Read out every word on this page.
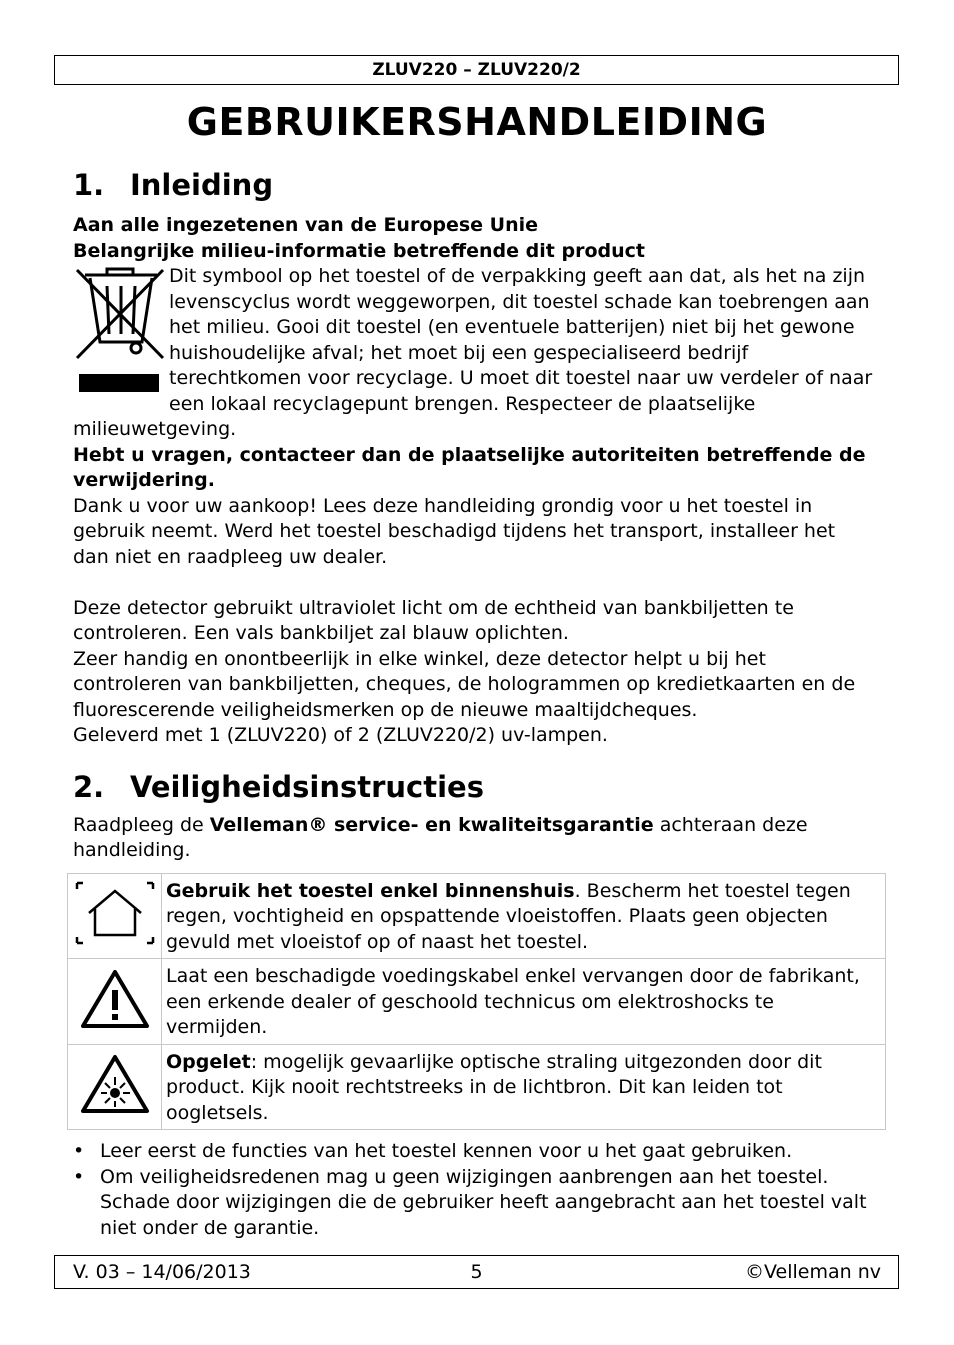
ZLUV220 – ZLUV220/2
GEBRUIKERSHANDLEIDING
1. Inleiding

Aan alle ingezetenen van de Europese Unie

Belangrijke milieu-informatie betreffende dit product

Dit symbool op het toestel of de verpakking geeft aan dat, als het na zijn levenscyclus wordt weggeworpen, dit toestel schade kan toebrengen aan het milieu. Gooi dit toestel (en eventuele batterijen) niet bij het gewone huishoudelijke afval; het moet bij een gespecialiseerd bedrijf terechtkomen voor recyclage. U moet dit toestel naar uw verdeler of naar een lokaal recyclagepunt brengen. Respecteer de plaatselijke milieuwetgeving.

Hebt u vragen, contacteer dan de plaatselijke autoriteiten betreffende de verwijdering.

Dank u voor uw aankoop! Lees deze handleiding grondig voor u het toestel in gebruik neemt. Werd het toestel beschadigd tijdens het transport, installeer het dan niet en raadpleeg uw dealer.

Deze detector gebruikt ultraviolet licht om de echtheid van bankbiljetten te controleren. Een vals bankbiljet zal blauw oplichten.

Zeer handig en onontbeerlijk in elke winkel, deze detector helpt u bij het controleren van bankbiljetten, cheques, de hologrammen op kredietkaarten en de fluorescerende veiligheidsmerken op de nieuwe maaltijdcheques.

Geleverd met 1 (ZLUV220) of 2 (ZLUV220/2) uv-lampen.

2. Veiligheidsinstructies

Raadpleeg de Velleman® service- en kwaliteitsgarantie achteraan deze handleiding.

	Gebruik het toestel enkel binnenshuis. Bescherm het toestel tegen regen, vochtigheid en opspattende vloeistoffen. Plaats geen objecten gevuld met vloeistof op of naast het toestel.
	Laat een beschadigde voedingskabel enkel vervangen door de fabrikant, een erkende dealer of geschoold technicus om elektroshocks te vermijden.
	Opgelet: mogelijk gevaarlijke optische straling uitgezonden door dit product. Kijk nooit rechtstreeks in de lichtbron. Dit kan leiden tot oogletsels.
• Leer eerst de functies van het toestel kennen voor u het gaat gebruiken.
• Om veiligheidsredenen mag u geen wijzigingen aanbrengen aan het toestel. Schade door wijzigingen die de gebruiker heeft aangebracht aan het toestel valt niet onder de garantie.
5
V. 03 – 14/06/2013	©Velleman nv
